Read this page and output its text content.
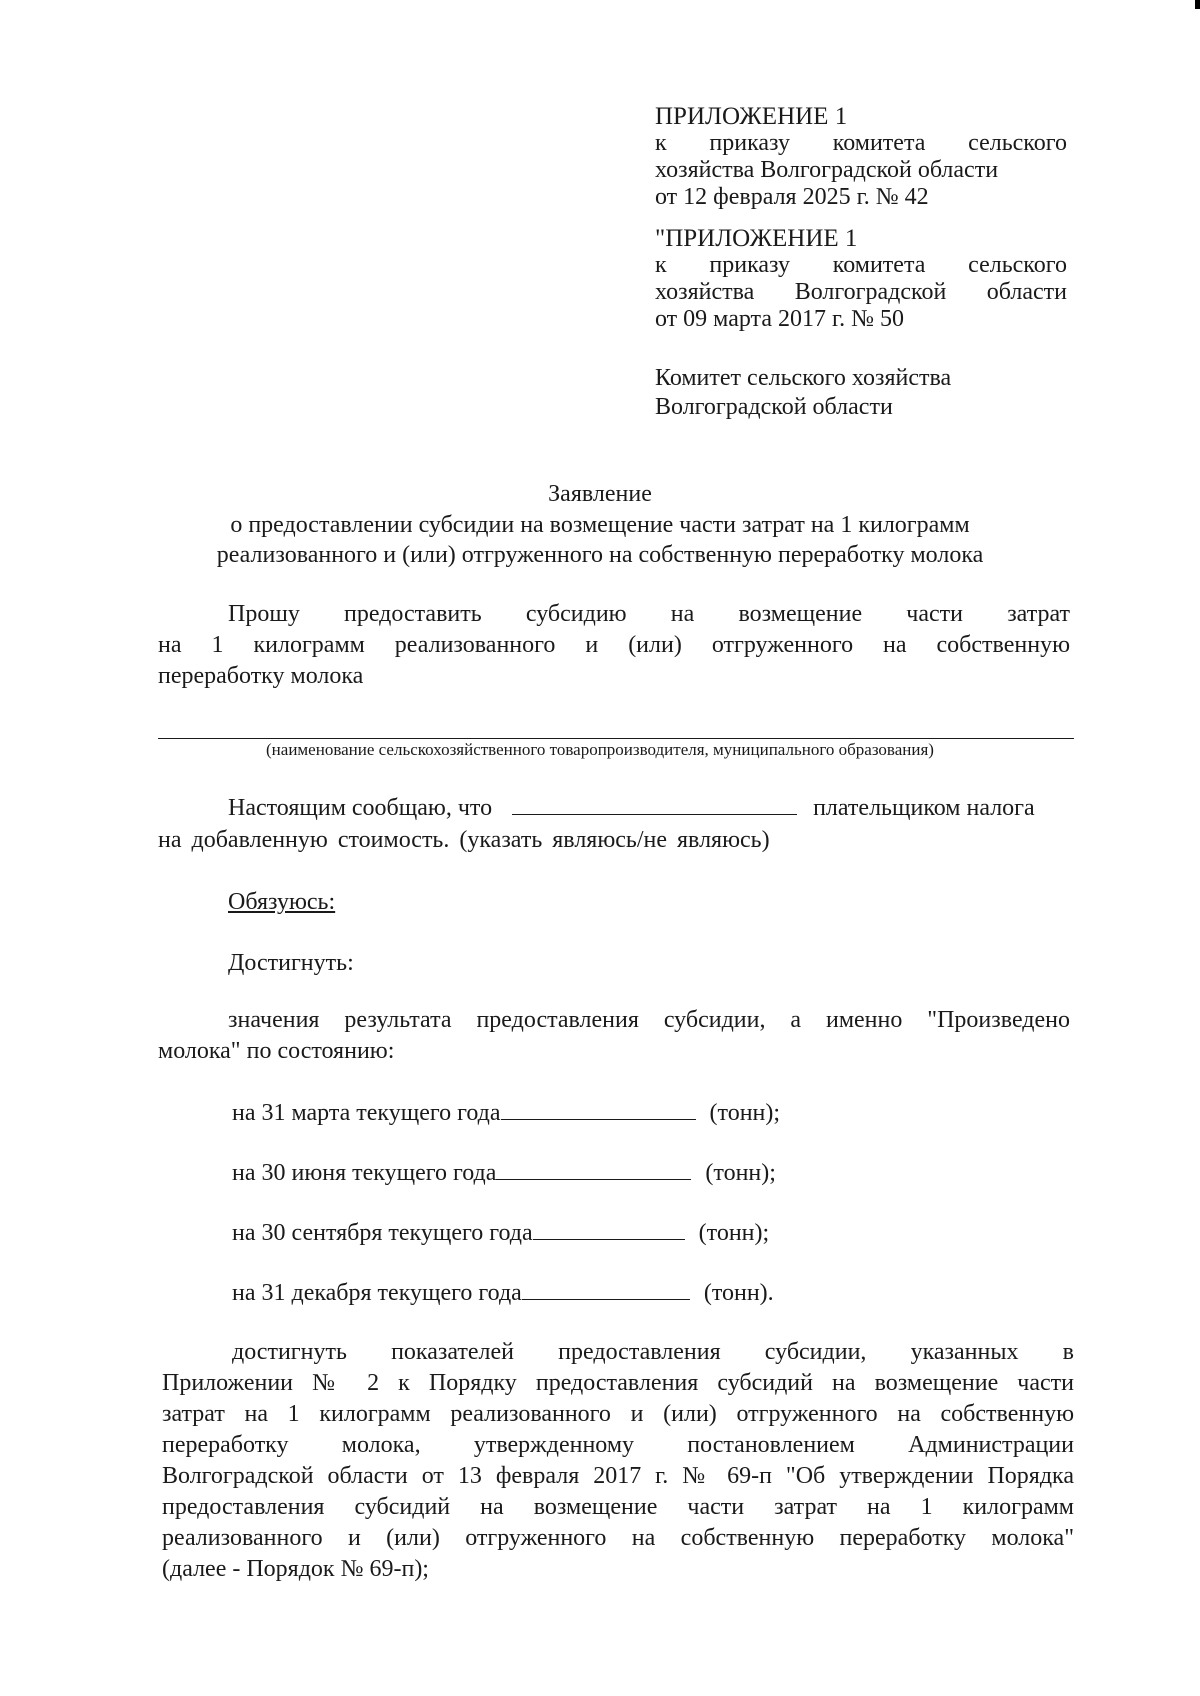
ПРИЛОЖЕНИЕ 1
к приказу комитета сельского
хозяйства Волгоградской области
от 12 февраля 2025 г. № 42
"ПРИЛОЖЕНИЕ 1
к приказу комитета сельского
хозяйства Волгоградской области
от 09 марта 2017 г. № 50
Комитет сельского хозяйства
Волгоградской области
Заявление
о предоставлении субсидии на возмещение части затрат на 1 килограмм
реализованного и (или) отгруженного на собственную переработку молока
Прошу предоставить субсидию на возмещение части затрат
на 1 килограмм реализованного и (или) отгруженного на собственную
переработку молока
(наименование сельскохозяйственного товаропроизводителя, муниципального образования)
Настоящим сообщаю, что	плательщиком налога
на добавленную стоимость. (указать являюсь/не являюсь)
Обязуюсь:
Достигнуть:
значения результата предоставления субсидии, а именно "Произведено
молока" по состоянию:
на 31 марта текущего года	(тонн);
на 30 июня текущего года	(тонн);
на 30 сентября текущего года	(тонн);
на 31 декабря текущего года	(тонн).
достигнуть показателей предоставления субсидии, указанных в
Приложении № 2 к Порядку предоставления субсидий на возмещение части
затрат на 1 килограмм реализованного и (или) отгруженного на собственную
переработку молока, утвержденному постановлением Администрации
Волгоградской области от 13 февраля 2017 г. № 69-п "Об утверждении Порядка
предоставления субсидий на возмещение части затрат на 1 килограмм
реализованного и (или) отгруженного на собственную переработку молока"
(далее - Порядок № 69-п);
